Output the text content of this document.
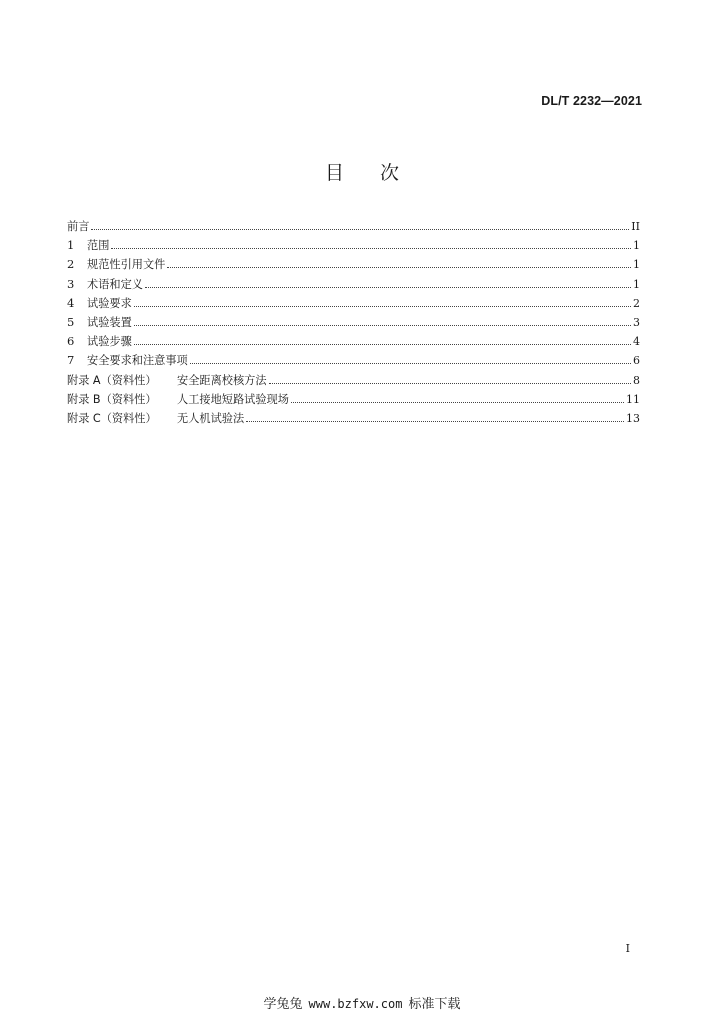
DL/T 2232—2021
目 次
前言	II
1	范围	1
2	规范性引用文件	1
3	术语和定义	1
4	试验要求	2
5	试验装置	3
6	试验步骤	4
7	安全要求和注意事项	6
附录 A（资料性）	安全距离校核方法	8
附录 B（资料性）	人工接地短路试验现场	11
附录 C（资料性）	无人机试验法	13
I
学兔兔 www.bzfxw.com 标准下载
